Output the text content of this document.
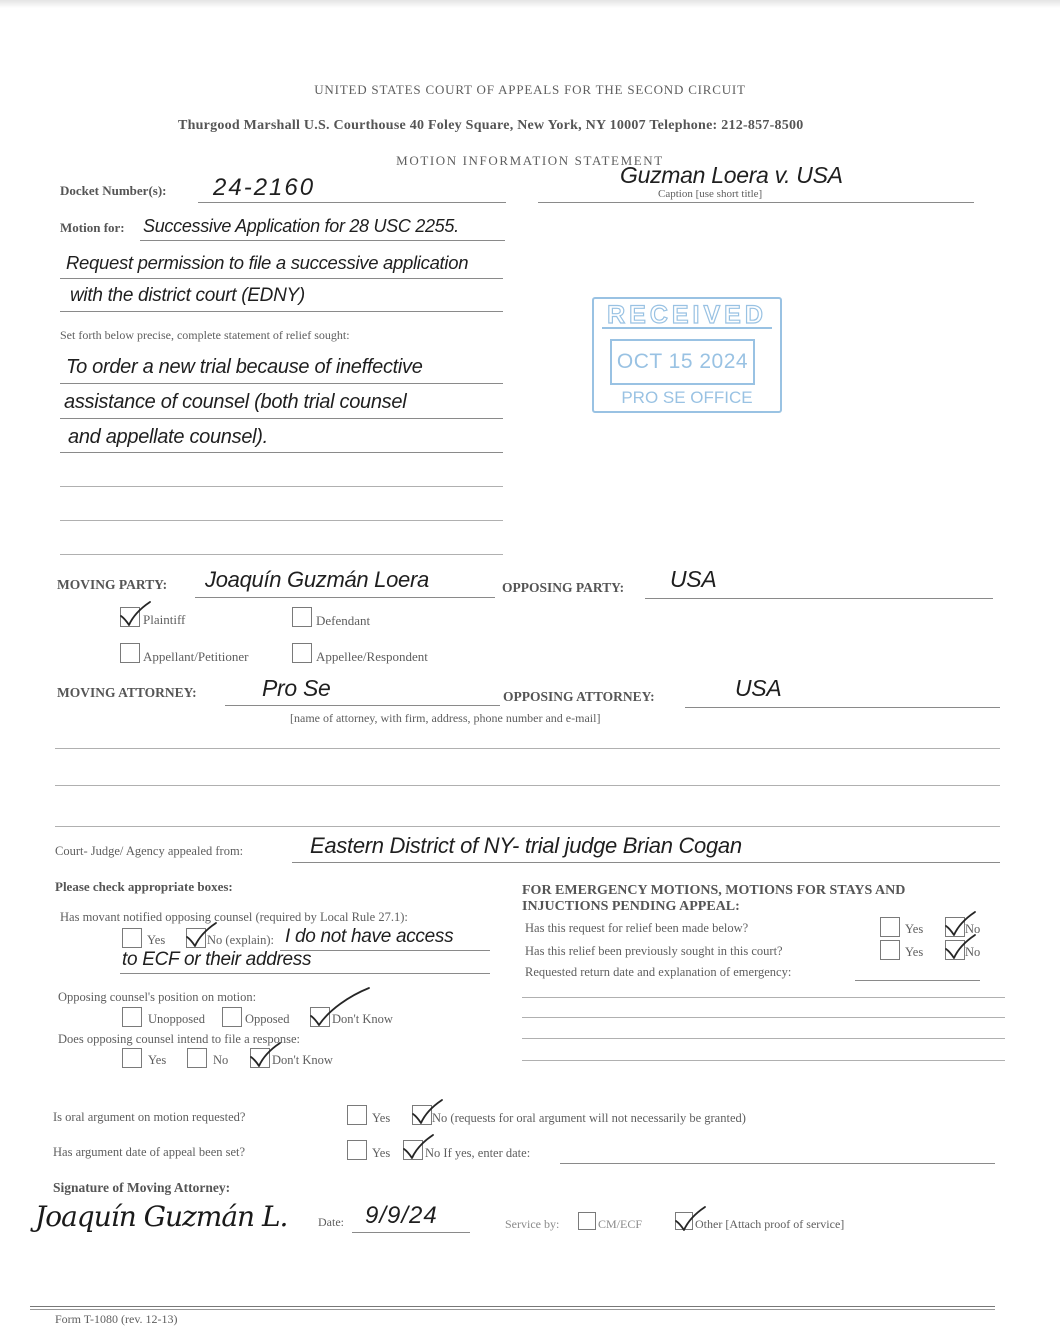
UNITED STATES COURT OF APPEALS FOR THE SECOND CIRCUIT
Thurgood Marshall U.S. Courthouse 40 Foley Square, New York, NY 10007 Telephone: 212-857-8500
MOTION INFORMATION STATEMENT
Docket Number(s): 24-2160	Guzman Loera v. USA
Caption [use short title]
Motion for: Successive Application for 28 USC 2255.
Request permission to file a successive application
with the district court (EDNY)
Set forth below precise, complete statement of relief sought:
To order a new trial because of ineffective
assistance of counsel (both trial counsel
and appellate counsel).
RECEIVED
OCT 15 2024
PRO SE OFFICE
MOVING PARTY: Joaquín Guzmán Loera	OPPOSING PARTY: USA
Plaintiff	Defendant
Appellant/Petitioner	Appellee/Respondent
MOVING ATTORNEY:	Pro Se	OPPOSING ATTORNEY:	USA
[name of attorney, with firm, address, phone number and e-mail]
Court- Judge/ Agency appealed from:	Eastern District of NY- trial judge Brian Cogan
Please check appropriate boxes:
Has movant notified opposing counsel (required by Local Rule 27.1):
Yes	No (explain): I do not have access
to ECF or their address
Opposing counsel's position on motion:
Unopposed	Opposed	Don't Know
Does opposing counsel intend to file a response:
Yes	No	Don't Know
FOR EMERGENCY MOTIONS, MOTIONS FOR STAYS AND
INJUCTIONS PENDING APPEAL:
Has this request for relief been made below?	Yes	No
Has this relief been previously sought in this court?	Yes	No
Requested return date and explanation of emergency:
Is oral argument on motion requested?	Yes	No (requests for oral argument will not necessarily be granted)
Has argument date of appeal been set?	Yes	No If yes, enter date:
Signature of Moving Attorney:
Joaquín Guzmán L.	Date: 9/9/24	Service by:	CM/ECF	Other [Attach proof of service]
Form T-1080 (rev. 12-13)
